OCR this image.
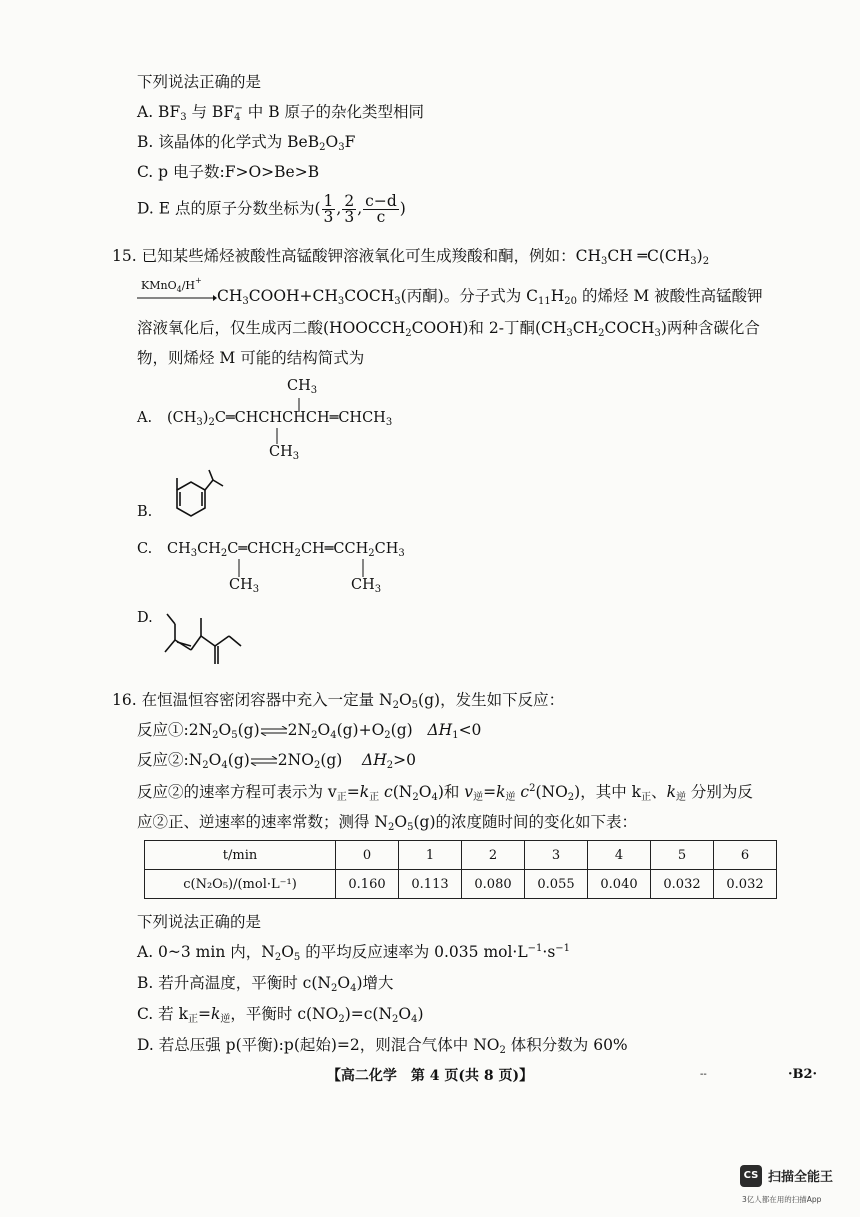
下列说法正确的是
A. $BF_3$ 与 $BF_4^-$ 中 B 原子的杂化类型相同
B. 该晶体的化学式为 $BeB_2O_3F$
C. p 电子数:F>O>Be>B
D. E 点的原子分数坐标为( $\frac{1}{3}$ , $\frac{2}{3}$ , $\frac{c-d}{c}$ )
15. 已知某些烯烃被酸性高锰酸钾溶液氧化可生成羧酸和酮，例如：$CH_3CH$ $═C(CH_3)_2$
KMnO$_4$/H+
$CH_3COOH+CH_3COCH_3$(丙酮)。分子式为 $C_{11}H_{20}$ 的烯烃 M 被酸性高锰酸钾
溶液氧化后，仅生成丙二酸$(HOOCCH_2COOH)$和 2-丁酮$(CH_3CH_2COCH_3)$两种含碳化合
物，则烯烃 M 可能的结构简式为
A.
$CH_3$
$(CH_3)_2C═CHCHCHCH═CHCH_3$
$CH_3$
B.
C. $CH_3CH_2C═CHCH_2CH═CCH_2CH_3$
$CH_3$	$CH_3$
D.
16. 在恒温恒容密闭容器中充入一定量 $N_2O_5(g)$，发生如下反应：
反应$①:2N_2O_5(g)$ $2N_2O_4(g)+O_2(g)$   $\Delta H_1<0$
反应$②:N_2O_4(g)$ $2NO_2(g)$    $\Delta H_2>0$
反应②的速率方程可表示为 $v_正=k_正$ $c(N_2O_4)$和 $v_逆=k_逆$ $c^2(NO_2)$，其中 $k_正$、$k_逆$ 分别为反
应②正、逆速率的速率常数；测得 $N_2O_5(g)$的浓度随时间的变化如下表：
t/min	0	1	2	3	4	5	6
c(N₂O₅)/(mol·L⁻¹)	0.160	0.113	0.080	0.055	0.040	0.032	0.032
下列说法正确的是
A. 0~3 min 内，$N_2O_5$ 的平均反应速率为 0.035 $mol\cdot L^{-1}\cdot s^{-1}$
B. 若升高温度，平衡时 $c(N_2O_4)$增大
C. 若 $k_正=k_逆$，平衡时 $c(NO_2)=c(N_2O_4)$
D. 若总压强 p(平衡):p(起始)=2，则混合气体中 $NO_2$ 体积分数为 60%
【高二化学　第 4 页(共 8 页)】	--	·B2·
CS 扫描全能王
3亿人都在用的扫描App
